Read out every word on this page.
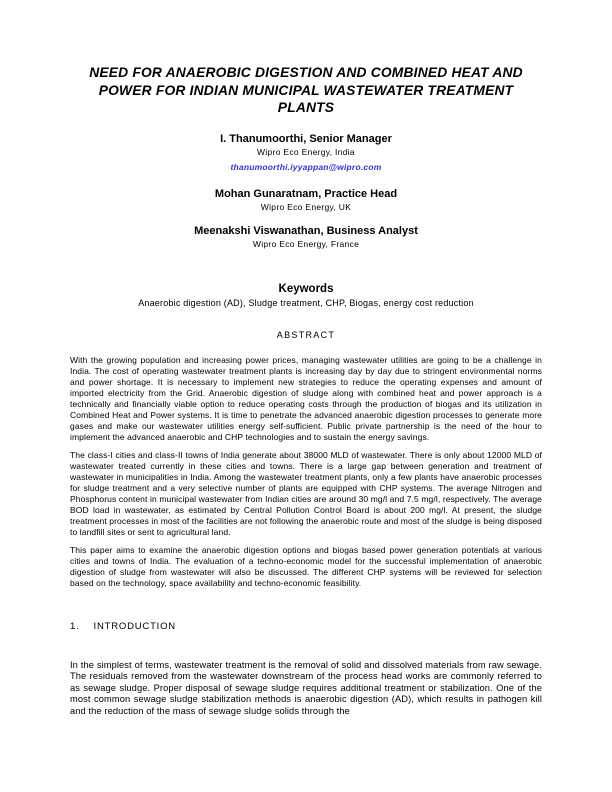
NEED FOR ANAEROBIC DIGESTION AND COMBINED HEAT AND POWER FOR INDIAN MUNICIPAL WASTEWATER TREATMENT PLANTS
I. Thanumoorthi, Senior Manager
Wipro Eco Energy, India
thanumoorthi.iyyappan@wipro.com
Mohan Gunaratnam, Practice Head
Wipro Eco Energy, UK
Meenakshi Viswanathan, Business Analyst
Wipro Eco Energy, France
Keywords
Anaerobic digestion (AD), Sludge treatment, CHP, Biogas, energy cost reduction
ABSTRACT

With the growing population and increasing power prices, managing wastewater utilities are going to be a challenge in India. The cost of operating wastewater treatment plants is increasing day by day due to stringent environmental norms and power shortage. It is necessary to implement new strategies to reduce the operating expenses and amount of imported electricity from the Grid. Anaerobic digestion of sludge along with combined heat and power approach is a technically and financially viable option to reduce operating costs through the production of biogas and its utilization in Combined Heat and Power systems. It is time to penetrate the advanced anaerobic digestion processes to generate more gases and make our wastewater utilities energy self-sufficient. Public private partnership is the need of the hour to implement the advanced anaerobic and CHP technologies and to sustain the energy savings.

The class-I cities and class-II towns of India generate about 38000 MLD of wastewater. There is only about 12000 MLD of wastewater treated currently in these cities and towns. There is a large gap between generation and treatment of wastewater in municipalities in India. Among the wastewater treatment plants, only a few plants have anaerobic processes for sludge treatment and a very selective number of plants are equipped with CHP systems. The average Nitrogen and Phosphorus content in municipal wastewater from Indian cities are around 30 mg/l and 7.5 mg/l, respectively. The average BOD load in wastewater, as estimated by Central Pollution Control Board is about 200 mg/l. At present, the sludge treatment processes in most of the facilities are not following the anaerobic route and most of the sludge is being disposed to landfill sites or sent to agricultural land.

This paper aims to examine the anaerobic digestion options and biogas based power generation potentials at various cities and towns of India. The evaluation of a techno-economic model for the successful implementation of anaerobic digestion of sludge from wastewater will also be discussed. The different CHP systems will be reviewed for selection based on the technology, space availability and techno-economic feasibility.

1. INTRODUCTION

In the simplest of terms, wastewater treatment is the removal of solid and dissolved materials from raw sewage. The residuals removed from the wastewater downstream of the process head works are commonly referred to as sewage sludge. Proper disposal of sewage sludge requires additional treatment or stabilization. One of the most common sewage sludge stabilization methods is anaerobic digestion (AD), which results in pathogen kill and the reduction of the mass of sewage sludge solids through the
